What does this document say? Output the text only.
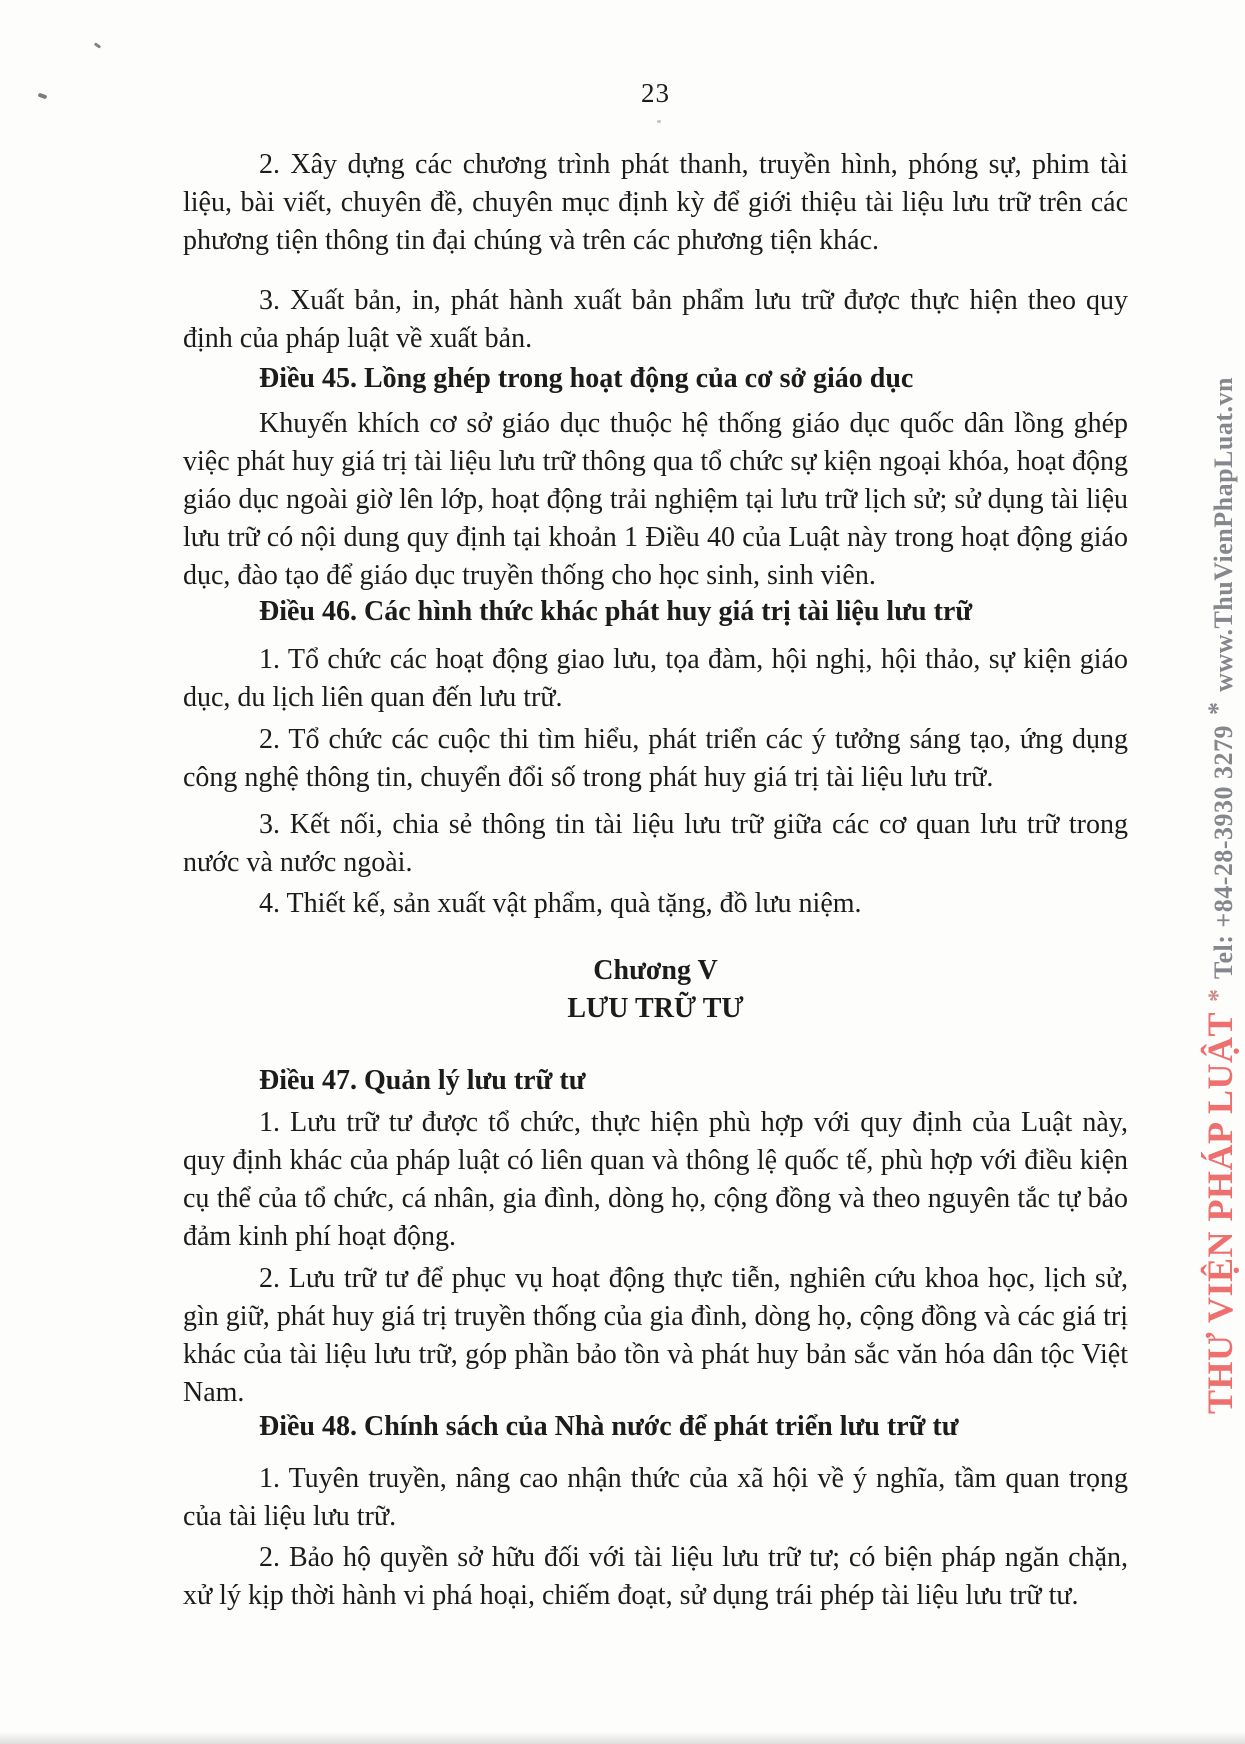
23

2. Xây dựng các chương trình phát thanh, truyền hình, phóng sự, phim tài liệu, bài viết, chuyên đề, chuyên mục định kỳ để giới thiệu tài liệu lưu trữ trên các phương tiện thông tin đại chúng và trên các phương tiện khác.

3. Xuất bản, in, phát hành xuất bản phẩm lưu trữ được thực hiện theo quy định của pháp luật về xuất bản.

Điều 45. Lồng ghép trong hoạt động của cơ sở giáo dục

Khuyến khích cơ sở giáo dục thuộc hệ thống giáo dục quốc dân lồng ghép việc phát huy giá trị tài liệu lưu trữ thông qua tổ chức sự kiện ngoại khóa, hoạt động giáo dục ngoài giờ lên lớp, hoạt động trải nghiệm tại lưu trữ lịch sử; sử dụng tài liệu lưu trữ có nội dung quy định tại khoản 1 Điều 40 của Luật này trong hoạt động giáo dục, đào tạo để giáo dục truyền thống cho học sinh, sinh viên.

Điều 46. Các hình thức khác phát huy giá trị tài liệu lưu trữ

1. Tổ chức các hoạt động giao lưu, tọa đàm, hội nghị, hội thảo, sự kiện giáo dục, du lịch liên quan đến lưu trữ.

2. Tổ chức các cuộc thi tìm hiểu, phát triển các ý tưởng sáng tạo, ứng dụng công nghệ thông tin, chuyển đổi số trong phát huy giá trị tài liệu lưu trữ.

3. Kết nối, chia sẻ thông tin tài liệu lưu trữ giữa các cơ quan lưu trữ trong nước và nước ngoài.

4. Thiết kế, sản xuất vật phẩm, quà tặng, đồ lưu niệm.

Chương V
LƯU TRỮ TƯ

Điều 47. Quản lý lưu trữ tư

1. Lưu trữ tư được tổ chức, thực hiện phù hợp với quy định của Luật này, quy định khác của pháp luật có liên quan và thông lệ quốc tế, phù hợp với điều kiện cụ thể của tổ chức, cá nhân, gia đình, dòng họ, cộng đồng và theo nguyên tắc tự bảo đảm kinh phí hoạt động.

2. Lưu trữ tư để phục vụ hoạt động thực tiễn, nghiên cứu khoa học, lịch sử, gìn giữ, phát huy giá trị truyền thống của gia đình, dòng họ, cộng đồng và các giá trị khác của tài liệu lưu trữ, góp phần bảo tồn và phát huy bản sắc văn hóa dân tộc Việt Nam.

Điều 48. Chính sách của Nhà nước để phát triển lưu trữ tư

1. Tuyên truyền, nâng cao nhận thức của xã hội về ý nghĩa, tầm quan trọng của tài liệu lưu trữ.

2. Bảo hộ quyền sở hữu đối với tài liệu lưu trữ tư; có biện pháp ngăn chặn, xử lý kịp thời hành vi phá hoại, chiếm đoạt, sử dụng trái phép tài liệu lưu trữ tư.

THƯ VIỆN PHÁP LUẬT*Tel: +84-28-3930 3279*www.ThuVienPhapLuat.vn
